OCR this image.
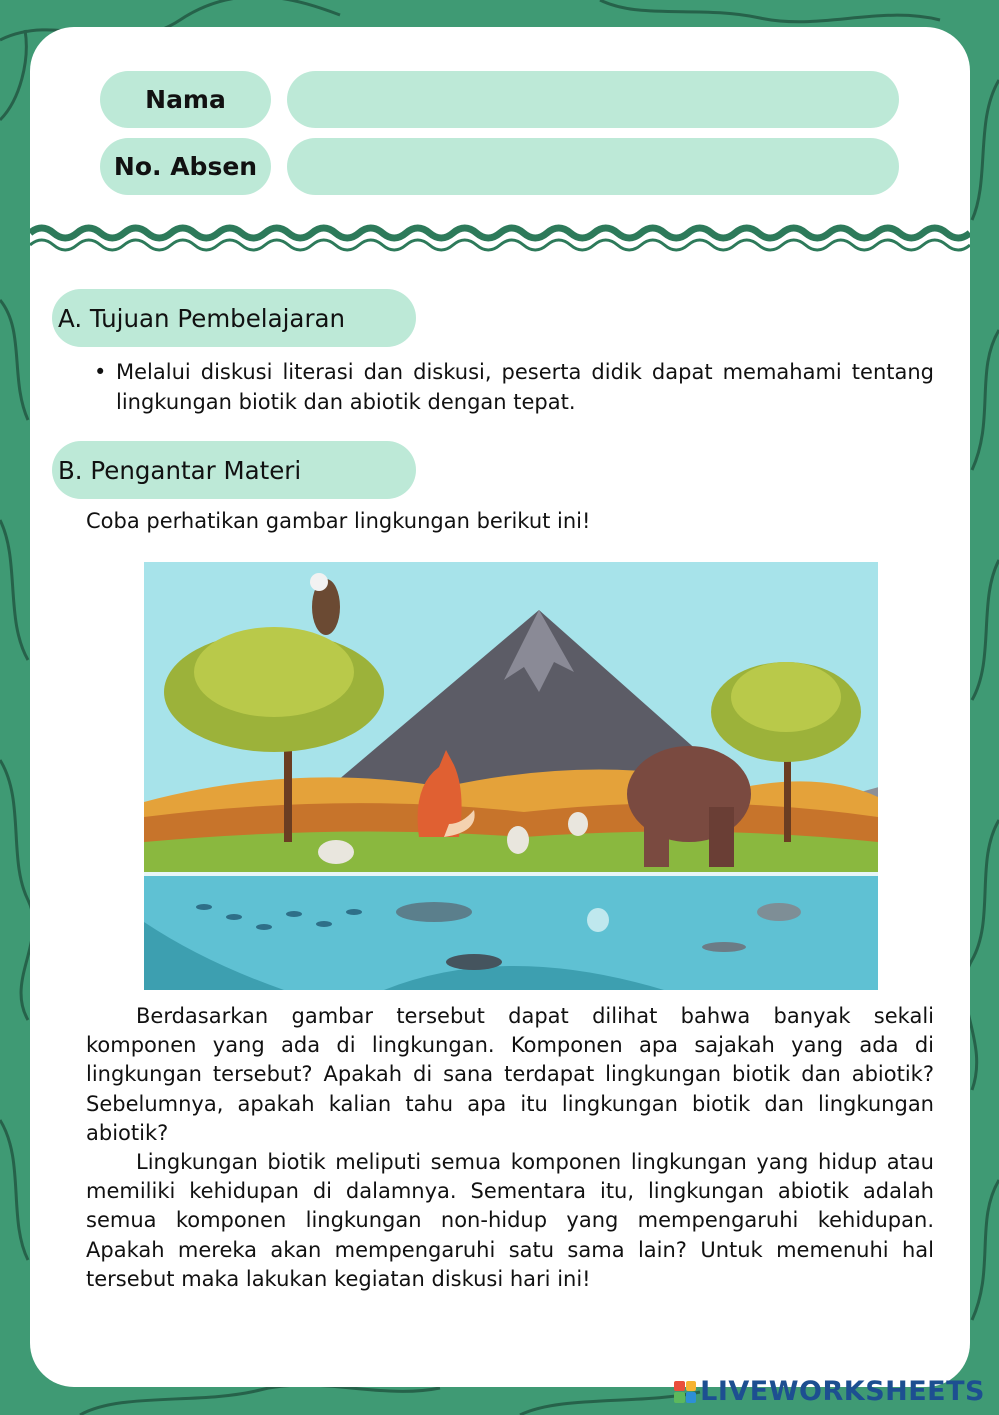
Nama
No. Absen
A. Tujuan Pembelajaran
• Melalui diskusi literasi dan diskusi, peserta didik dapat memahami tentang lingkungan biotik dan abiotik dengan tepat.
B. Pengantar Materi
Coba perhatikan gambar lingkungan berikut ini!

Berdasarkan gambar tersebut dapat dilihat bahwa banyak sekali komponen yang ada di lingkungan. Komponen apa sajakah yang ada di lingkungan tersebut? Apakah di sana terdapat lingkungan biotik dan abiotik? Sebelumnya, apakah kalian tahu apa itu lingkungan biotik dan lingkungan abiotik?

Lingkungan biotik meliputi semua komponen lingkungan yang hidup atau memiliki kehidupan di dalamnya. Sementara itu, lingkungan abiotik adalah semua komponen lingkungan non-hidup yang mempengaruhi kehidupan. Apakah mereka akan mempengaruhi satu sama lain? Untuk memenuhi hal tersebut maka lakukan kegiatan diskusi hari ini!

LIVEWORKSHEETS
